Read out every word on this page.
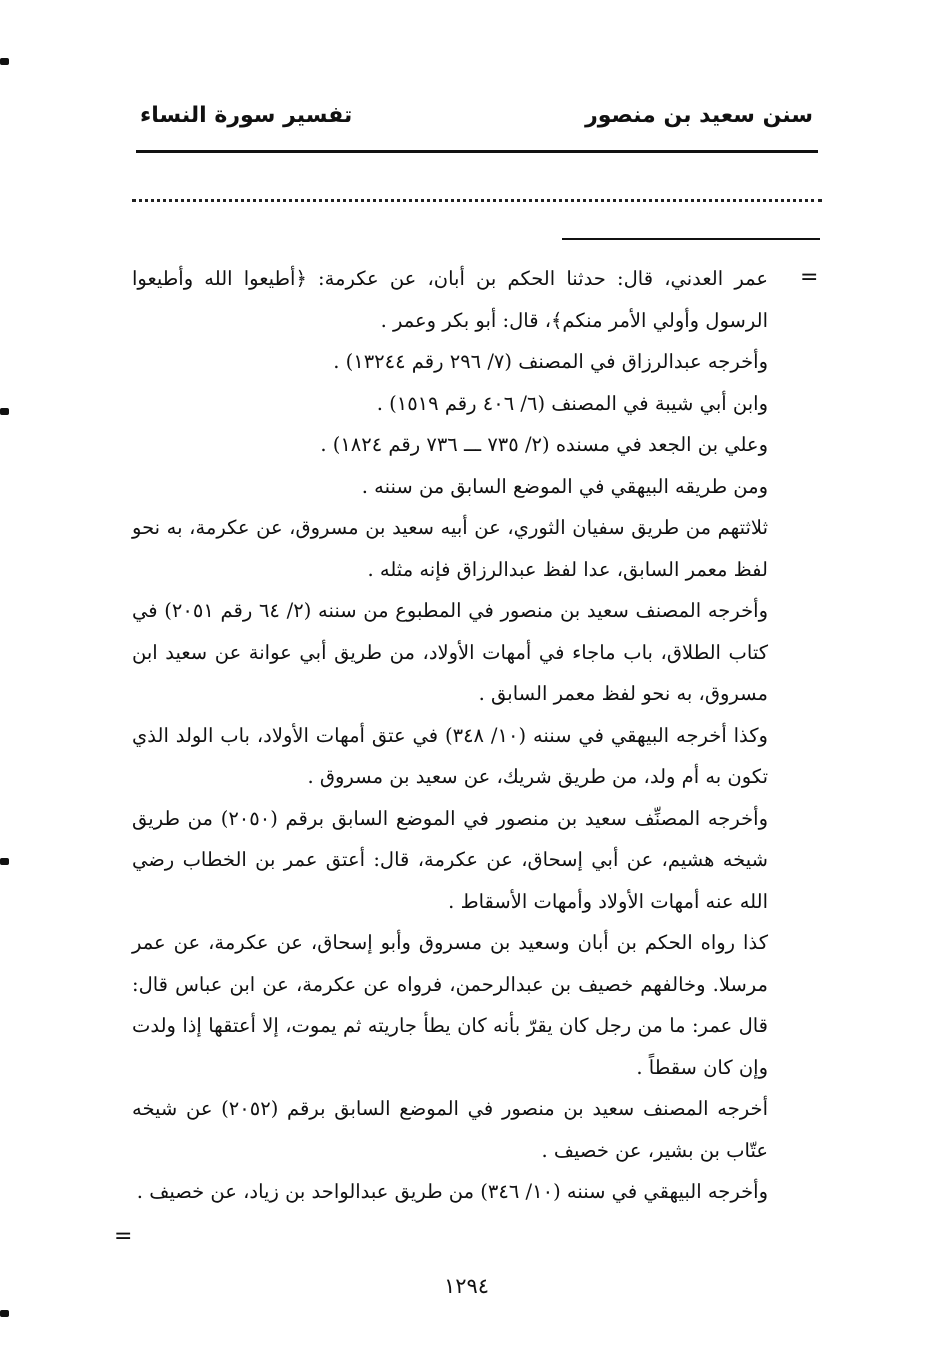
سنن سعيد بن منصور
تفسير سورة النساء
=

عمر العدني، قال: حدثنا الحكم بن أبان، عن عكرمة: ﴿أطيعوا الله وأطيعوا الرسول وأولي الأمر منكم﴾، قال: أبو بكر وعمر .

وأخرجه عبدالرزاق في المصنف (٧/ ٢٩٦ رقم ١٣٢٤٤) .

وابن أبي شيبة في المصنف (٦/ ٤٠٦ رقم ١٥١٩) .

وعلي بن الجعد في مسنده (٢/ ٧٣٥ ـــ ٧٣٦ رقم ١٨٢٤) .

ومن طريقه البيهقي في الموضع السابق من سننه .

ثلاثتهم من طريق سفيان الثوري، عن أبيه سعيد بن مسروق، عن عكرمة، به نحو لفظ معمر السابق، عدا لفظ عبدالرزاق فإنه مثله .

وأخرجه المصنف سعيد بن منصور في المطبوع من سننه (٢/ ٦٤ رقم ٢٠٥١) في كتاب الطلاق، باب ماجاء في أمهات الأولاد، من طريق أبي عوانة عن سعيد ابن مسروق، به نحو لفظ معمر السابق .

وكذا أخرجه البيهقي في سننه (١٠/ ٣٤٨) في عتق أمهات الأولاد، باب الولد الذي تكون به أم ولد، من طريق شريك، عن سعيد بن مسروق .

وأخرجه المصنِّف سعيد بن منصور في الموضع السابق برقم (٢٠٥٠) من طريق شيخه هشيم، عن أبي إسحاق، عن عكرمة، قال: أعتق عمر بن الخطاب رضي الله عنه أمهات الأولاد وأمهات الأسقاط .

كذا رواه الحكم بن أبان وسعيد بن مسروق وأبو إسحاق، عن عكرمة، عن عمر مرسلا. وخالفهم خصيف بن عبدالرحمن، فرواه عن عكرمة، عن ابن عباس قال: قال عمر: ما من رجل كان يقرّ بأنه كان يطأ جاريته ثم يموت، إلا أعتقها إذا ولدت وإن كان سقطاً .

أخرجه المصنف سعيد بن منصور في الموضع السابق برقم (٢٠٥٢) عن شيخه عتّاب بن بشير، عن خصيف .

وأخرجه البيهقي في سننه (١٠/ ٣٤٦) من طريق عبدالواحد بن زياد، عن خصيف .

=
١٢٩٤
